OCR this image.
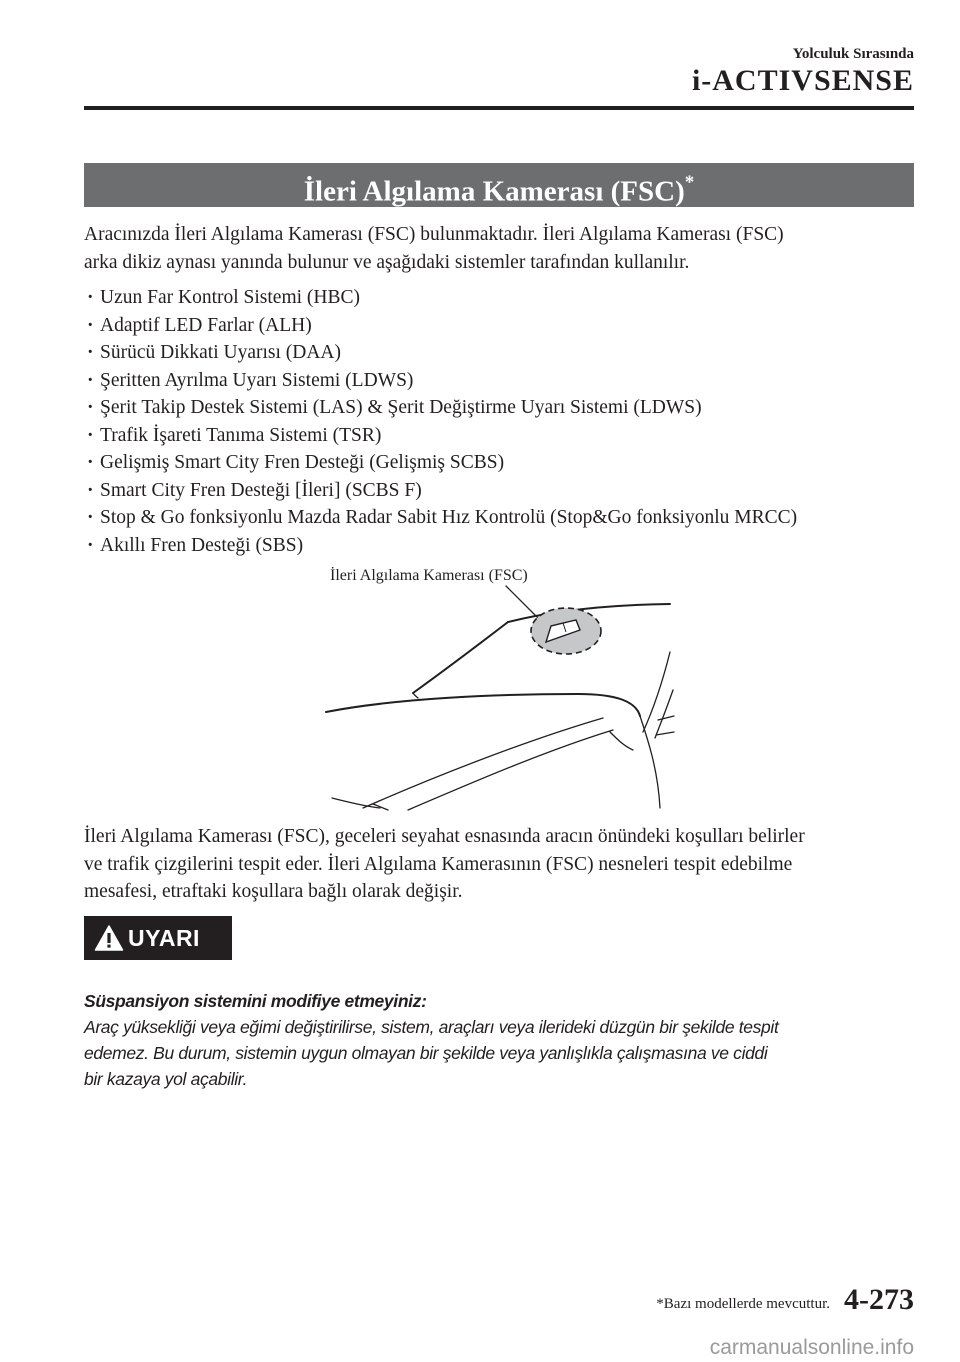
Yolculuk Sırasında
i-ACTIVSENSE
İleri Algılama Kamerası (FSC)*

Aracınızda İleri Algılama Kamerası (FSC) bulunmaktadır. İleri Algılama Kamerası (FSC)
arka dikiz aynası yanında bulunur ve aşağıdaki sistemler tarafından kullanılır.

· Uzun Far Kontrol Sistemi (HBC)
· Adaptif LED Farlar (ALH)
· Sürücü Dikkati Uyarısı (DAA)
· Şeritten Ayrılma Uyarı Sistemi (LDWS)
· Şerit Takip Destek Sistemi (LAS) & Şerit Değiştirme Uyarı Sistemi (LDWS)
· Trafik İşareti Tanıma Sistemi (TSR)
· Gelişmiş Smart City Fren Desteği (Gelişmiş SCBS)
· Smart City Fren Desteği [İleri] (SCBS F)
· Stop & Go fonksiyonlu Mazda Radar Sabit Hız Kontrolü (Stop&Go fonksiyonlu MRCC)
· Akıllı Fren Desteği (SBS)
İleri Algılama Kamerası (FSC)

İleri Algılama Kamerası (FSC), geceleri seyahat esnasında aracın önündeki koşulları belirler
ve trafik çizgilerini tespit eder. İleri Algılama Kamerasının (FSC) nesneleri tespit edebilme
mesafesi, etraftaki koşullara bağlı olarak değişir.

UYARI
Süspansiyon sistemini modifiye etmeyiniz:
Araç yüksekliği veya eğimi değiştirilirse, sistem, araçları veya ilerideki düzgün bir şekilde tespit
edemez. Bu durum, sistemin uygun olmayan bir şekilde veya yanlışlıkla çalışmasına ve ciddi
bir kazaya yol açabilir.
*Bazı modellerde mevcuttur. 4-273
carmanualsonline.info
